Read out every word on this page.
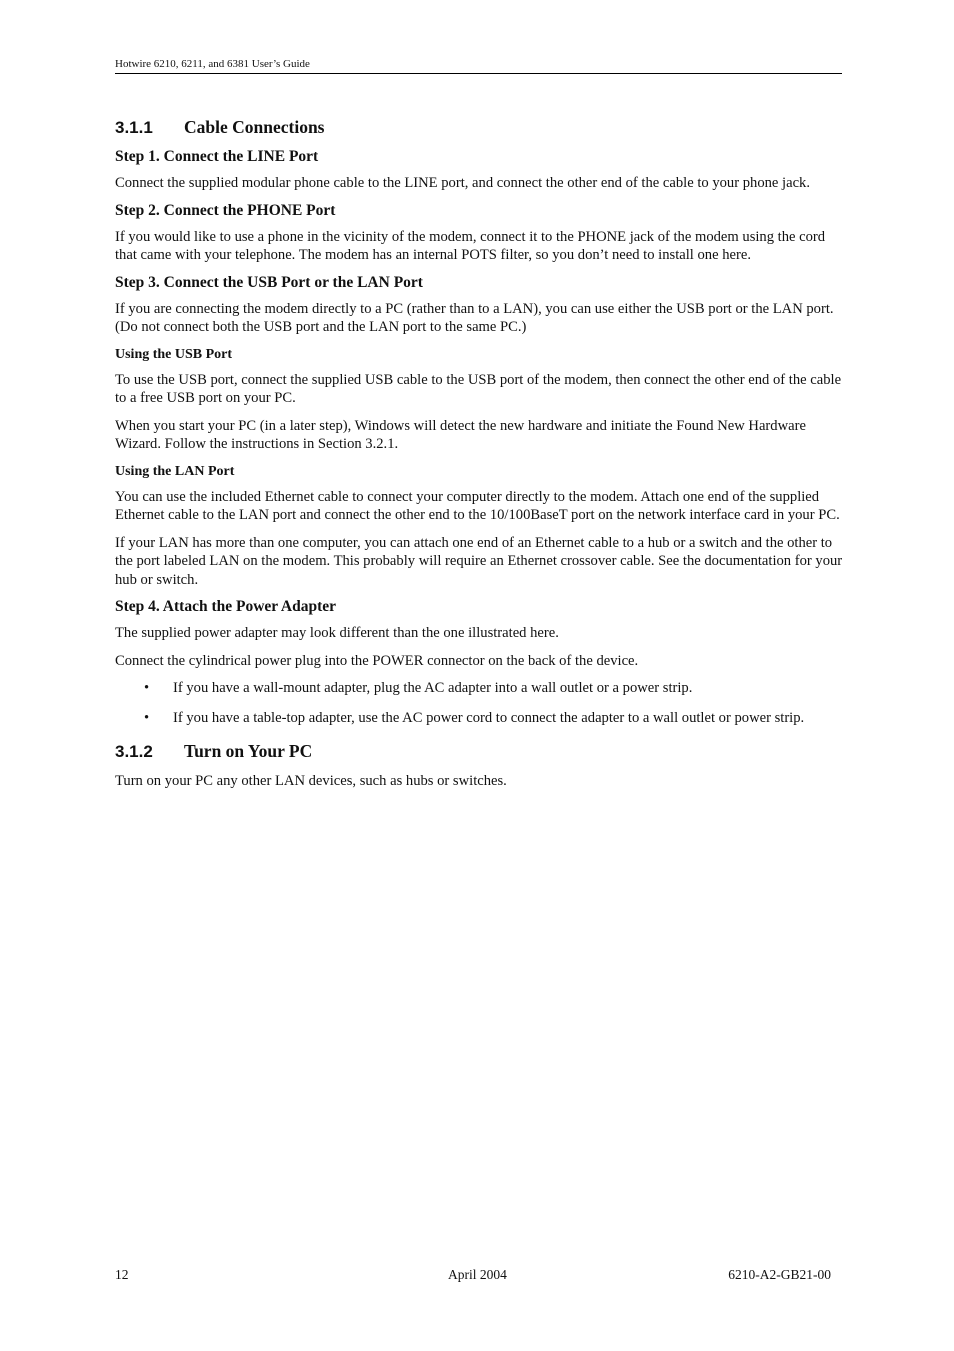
Hotwire 6210, 6211, and 6381 User’s Guide
3.1.1 Cable Connections
Step 1. Connect the LINE Port

Connect the supplied modular phone cable to the LINE port, and connect the other end of the cable to your phone jack.

Step 2. Connect the PHONE Port

If you would like to use a phone in the vicinity of the modem, connect it to the PHONE jack of the modem using the cord that came with your telephone. The modem has an internal POTS filter, so you don’t need to install one here.

Step 3. Connect the USB Port or the LAN Port

If you are connecting the modem directly to a PC (rather than to a LAN), you can use either the USB port or the LAN port. (Do not connect both the USB port and the LAN port to the same PC.)

Using the USB Port

To use the USB port, connect the supplied USB cable to the USB port of the modem, then connect the other end of the cable to a free USB port on your PC.

When you start your PC (in a later step), Windows will detect the new hardware and initiate the Found New Hardware Wizard. Follow the instructions in Section 3.2.1.

Using the LAN Port

You can use the included Ethernet cable to connect your computer directly to the modem. Attach one end of the supplied Ethernet cable to the LAN port and connect the other end to the 10/100BaseT port on the network interface card in your PC.

If your LAN has more than one computer, you can attach one end of an Ethernet cable to a hub or a switch and the other to the port labeled LAN on the modem. This probably will require an Ethernet crossover cable. See the documentation for your hub or switch.

Step 4. Attach the Power Adapter

The supplied power adapter may look different than the one illustrated here.

Connect the cylindrical power plug into the POWER connector on the back of the device.

• If you have a wall-mount adapter, plug the AC adapter into a wall outlet or a power strip.
• If you have a table-top adapter, use the AC power cord to connect the adapter to a wall outlet or power strip.
3.1.2 Turn on Your PC

Turn on your PC any other LAN devices, such as hubs or switches.

12	April 2004	6210-A2-GB21-00
